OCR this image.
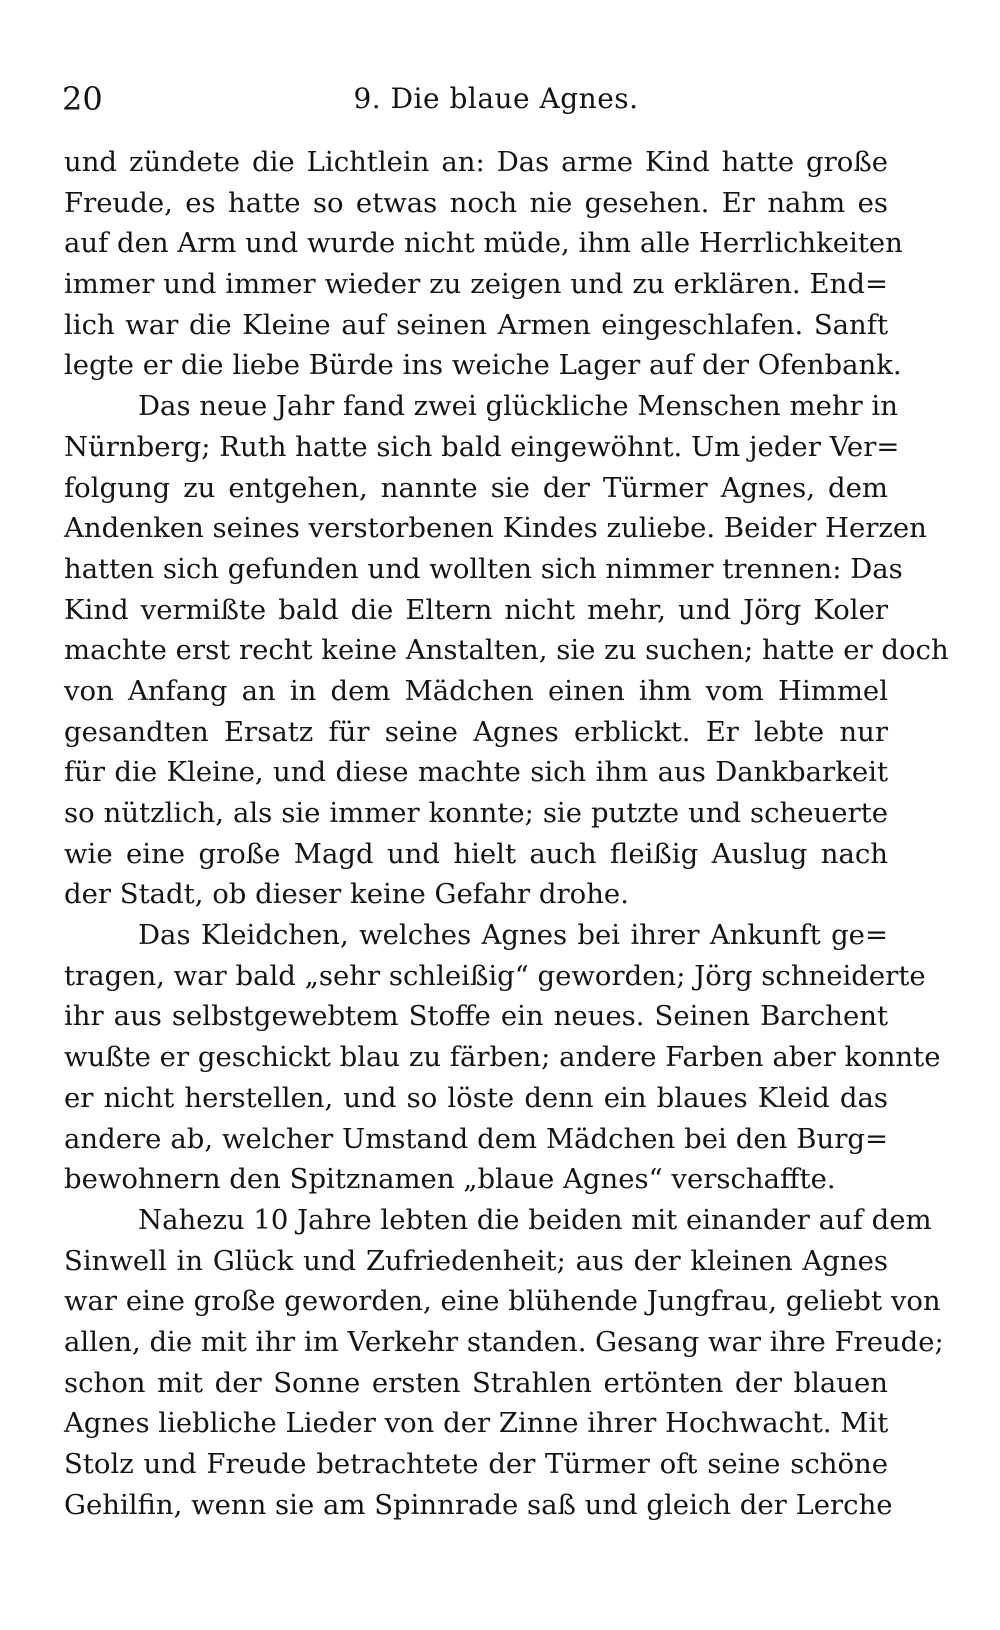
20	9. Die blaue Agnes.
und zündete die Lichtlein an: Das arme Kind hatte große
Freude, es hatte so etwas noch nie gesehen. Er nahm es
auf den Arm und wurde nicht müde, ihm alle Herrlichkeiten
immer und immer wieder zu zeigen und zu erklären. End=
lich war die Kleine auf seinen Armen eingeschlafen. Sanft
legte er die liebe Bürde ins weiche Lager auf der Ofenbank.
Das neue Jahr fand zwei glückliche Menschen mehr in
Nürnberg; Ruth hatte sich bald eingewöhnt. Um jeder Ver=
folgung zu entgehen, nannte sie der Türmer Agnes, dem
Andenken seines verstorbenen Kindes zuliebe. Beider Herzen
hatten sich gefunden und wollten sich nimmer trennen: Das
Kind vermißte bald die Eltern nicht mehr, und Jörg Koler
machte erst recht keine Anstalten, sie zu suchen; hatte er doch
von Anfang an in dem Mädchen einen ihm vom Himmel
gesandten Ersatz für seine Agnes erblickt. Er lebte nur
für die Kleine, und diese machte sich ihm aus Dankbarkeit
so nützlich, als sie immer konnte; sie putzte und scheuerte
wie eine große Magd und hielt auch fleißig Auslug nach
der Stadt, ob dieser keine Gefahr drohe.
Das Kleidchen, welches Agnes bei ihrer Ankunft ge=
tragen, war bald „sehr schleißig“ geworden; Jörg schneiderte
ihr aus selbstgewebtem Stoffe ein neues. Seinen Barchent
wußte er geschickt blau zu färben; andere Farben aber konnte
er nicht herstellen, und so löste denn ein blaues Kleid das
andere ab, welcher Umstand dem Mädchen bei den Burg=
bewohnern den Spitznamen „blaue Agnes“ verschaffte.
Nahezu 10 Jahre lebten die beiden mit einander auf dem
Sinwell in Glück und Zufriedenheit; aus der kleinen Agnes
war eine große geworden, eine blühende Jungfrau, geliebt von
allen, die mit ihr im Verkehr standen. Gesang war ihre Freude;
schon mit der Sonne ersten Strahlen ertönten der blauen
Agnes liebliche Lieder von der Zinne ihrer Hochwacht. Mit
Stolz und Freude betrachtete der Türmer oft seine schöne
Gehilfin, wenn sie am Spinnrade saß und gleich der Lerche
